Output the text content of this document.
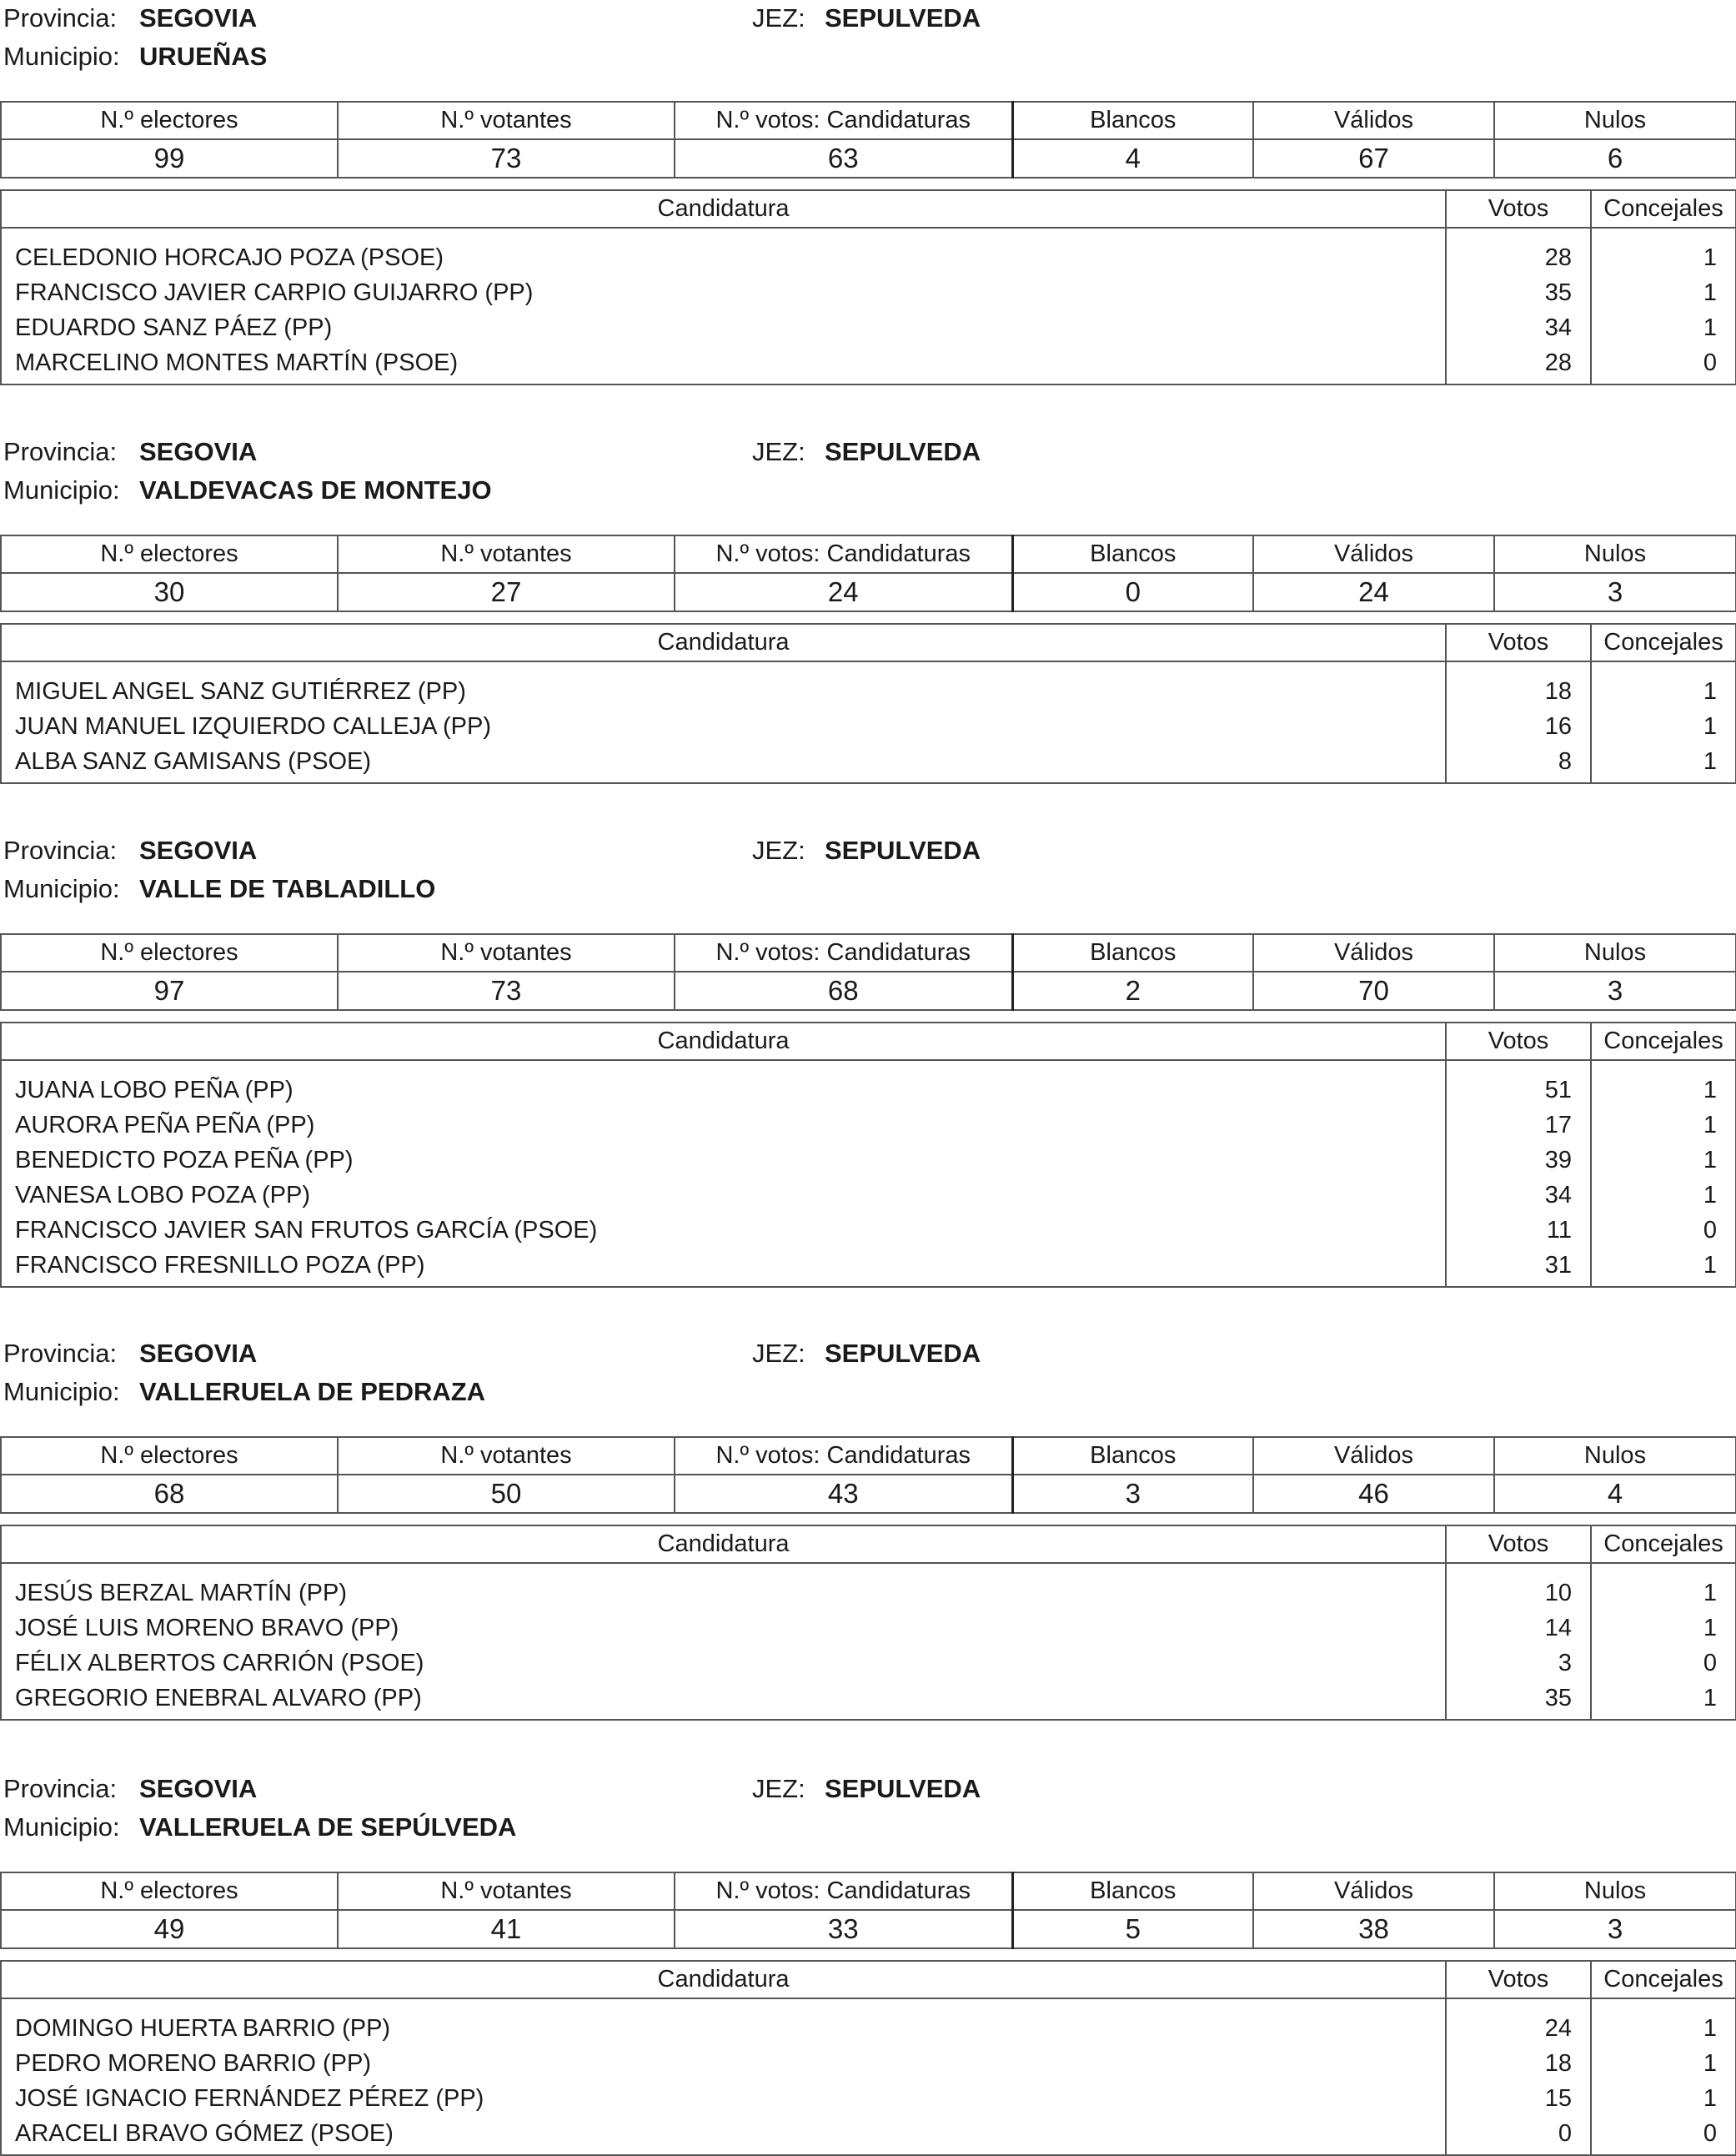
Provincia: SEGOVIA	JEZ: SEPULVEDA
Municipio: URUEÑAS
N.º electores	N.º votantes	N.º votos: Candidaturas	Blancos	Válidos	Nulos
99	73	63	4	67	6
Candidatura	Votos	Concejales
CELEDONIO HORCAJO POZA (PSOE)	28	1
FRANCISCO JAVIER CARPIO GUIJARRO (PP)	35	1
EDUARDO SANZ PÁEZ (PP)	34	1
MARCELINO MONTES MARTÍN (PSOE)	28	0
Provincia: SEGOVIA	JEZ: SEPULVEDA
Municipio: VALDEVACAS DE MONTEJO
N.º electores	N.º votantes	N.º votos: Candidaturas	Blancos	Válidos	Nulos
30	27	24	0	24	3
Candidatura	Votos	Concejales
MIGUEL ANGEL SANZ GUTIÉRREZ (PP)	18	1
JUAN MANUEL IZQUIERDO CALLEJA (PP)	16	1
ALBA SANZ GAMISANS (PSOE)	8	1
Provincia: SEGOVIA	JEZ: SEPULVEDA
Municipio: VALLE DE TABLADILLO
N.º electores	N.º votantes	N.º votos: Candidaturas	Blancos	Válidos	Nulos
97	73	68	2	70	3
Candidatura	Votos	Concejales
JUANA LOBO PEÑA (PP)	51	1
AURORA PEÑA PEÑA (PP)	17	1
BENEDICTO POZA PEÑA (PP)	39	1
VANESA LOBO POZA (PP)	34	1
FRANCISCO JAVIER SAN FRUTOS GARCÍA (PSOE)	11	0
FRANCISCO FRESNILLO POZA (PP)	31	1
Provincia: SEGOVIA	JEZ: SEPULVEDA
Municipio: VALLERUELA DE PEDRAZA
N.º electores	N.º votantes	N.º votos: Candidaturas	Blancos	Válidos	Nulos
68	50	43	3	46	4
Candidatura	Votos	Concejales
JESÚS BERZAL MARTÍN (PP)	10	1
JOSÉ LUIS MORENO BRAVO (PP)	14	1
FÉLIX ALBERTOS CARRIÓN (PSOE)	3	0
GREGORIO ENEBRAL ALVARO (PP)	35	1
Provincia: SEGOVIA	JEZ: SEPULVEDA
Municipio: VALLERUELA DE SEPÚLVEDA
N.º electores	N.º votantes	N.º votos: Candidaturas	Blancos	Válidos	Nulos
49	41	33	5	38	3
Candidatura	Votos	Concejales
DOMINGO HUERTA BARRIO (PP)	24	1
PEDRO MORENO BARRIO (PP)	18	1
JOSÉ IGNACIO FERNÁNDEZ PÉREZ (PP)	15	1
ARACELI BRAVO GÓMEZ (PSOE)	0	0
